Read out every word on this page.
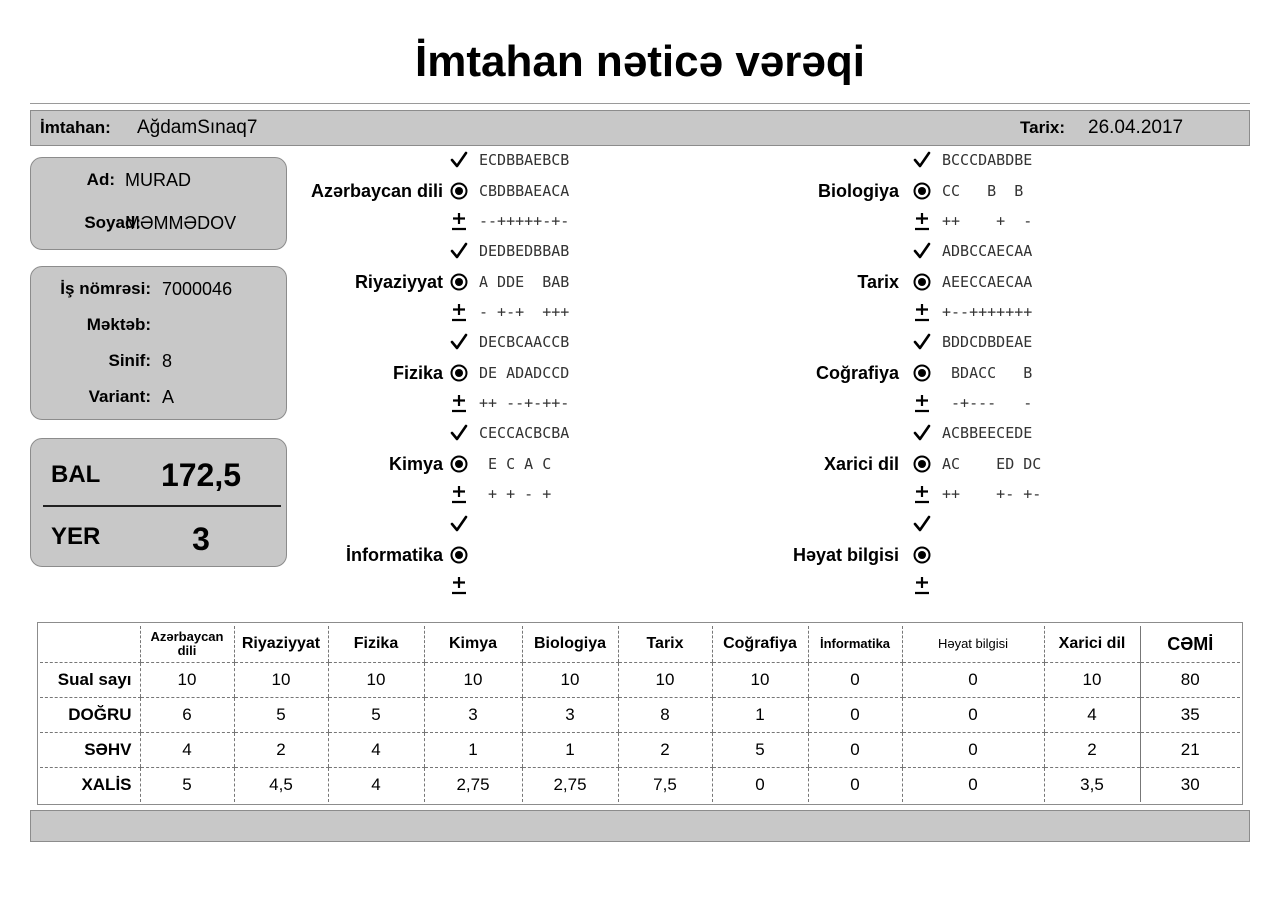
İmtahan nəticə vərəqi
İmtahan: AğdamSınaq7	Tarix: 26.04.2017
Ad: MURAD
Soyad:
MƏMMƏDOV
İş nömrəsi: 7000046
Məktəb:
Sinif: 8
Variant: A
BAL	172,5
YER	3
Azərbaycan dili
ECDBBAEBCB
CBDBBAEACA
--+++++-+-
Riyaziyyat
DEDBEDBBAB
A DDE  BAB
- +-+  +++
Fizika
DECBCAACCB
DE ADADCCD
++ --+-++-
Kimya
CECCACBCBA
E C A C
+ + - +
İnformatika
Biologiya
BCCCDABDBE
CC   B  B
++    +  -
Tarix
ADBCCAECAA
AEECCAECAA
+--+++++++
Coğrafiya
BDDCDBDEAE
BDACC   B
-+---   -
Xarici dil
ACBBEECEDE
AC    ED DC
++    +- +-
Həyat bilgisi
	Azərbaycan dili	Riyaziyyat	Fizika	Kimya	Biologiya	Tarix	Coğrafiya	İnformatika	Həyat bilgisi	Xarici dil	CƏMİ
Sual sayı	10	10	10	10	10	10	10	0	0	10	80
DOĞRU	6	5	5	3	3	8	1	0	0	4	35
SƏHV	4	2	4	1	1	2	5	0	0	2	21
XALİS	5	4,5	4	2,75	2,75	7,5	0	0	0	3,5	30
